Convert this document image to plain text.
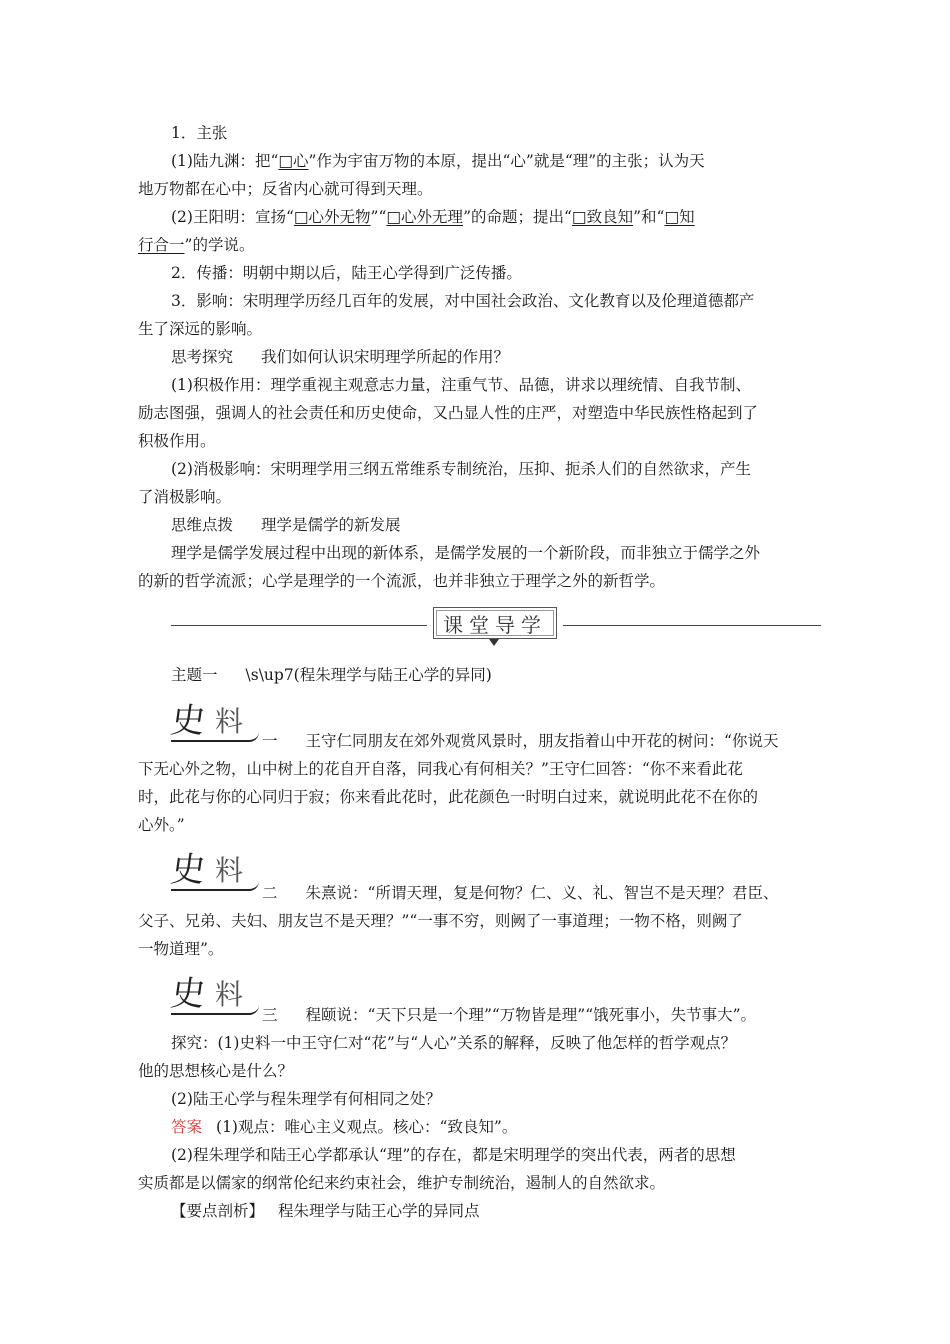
1．主张
(1)陆九渊：把“□心”作为宇宙万物的本原，提出“心”就是“理”的主张；认为天
地万物都在心中；反省内心就可得到天理。
(2)王阳明：宣扬“□心外无物”“□心外无理”的命题；提出“□致良知”和“□知
行合一”的学说。
2．传播：明朝中期以后，陆王心学得到广泛传播。
3．影响：宋明理学历经几百年的发展，对中国社会政治、文化教育以及伦理道德都产
生了深远的影响。
思考探究 我们如何认识宋明理学所起的作用？
(1)积极作用：理学重视主观意志力量，注重气节、品德，讲求以理统情、自我节制、
励志图强，强调人的社会责任和历史使命，又凸显人性的庄严，对塑造中华民族性格起到了
积极作用。
(2)消极影响：宋明理学用三纲五常维系专制统治，压抑、扼杀人们的自然欲求，产生
了消极影响。
思维点拨 理学是儒学的新发展
理学是儒学发展过程中出现的新体系，是儒学发展的一个新阶段，而非独立于儒学之外
的新的哲学流派；心学是理学的一个流派，也并非独立于理学之外的新哲学。
课堂导学
主题一 \s\up7(程朱理学与陆王心学的异同)
史 料
一 王守仁同朋友在郊外观赏风景时，朋友指着山中开花的树问：“你说天
下无心外之物，山中树上的花自开自落，同我心有何相关？”王守仁回答：“你不来看此花
时，此花与你的心同归于寂；你来看此花时，此花颜色一时明白过来，就说明此花不在你的
心外。”
史 料
二 朱熹说：“所谓天理，复是何物？仁、义、礼、智岂不是天理？君臣、
父子、兄弟、夫妇、朋友岂不是天理？”“一事不穷，则阙了一事道理；一物不格，则阙了
一物道理”。
史 料
三 程颐说：“天下只是一个理”“万物皆是理”“饿死事小，失节事大”。
探究：(1)史料一中王守仁对“花”与“人心”关系的解释，反映了他怎样的哲学观点？
他的思想核心是什么？
(2)陆王心学与程朱理学有何相同之处？
答案 (1)观点：唯心主义观点。核心：“致良知”。
(2)程朱理学和陆王心学都承认“理”的存在，都是宋明理学的突出代表，两者的思想
实质都是以儒家的纲常伦纪来约束社会，维护专制统治，遏制人的自然欲求。
【要点剖析】 程朱理学与陆王心学的异同点
